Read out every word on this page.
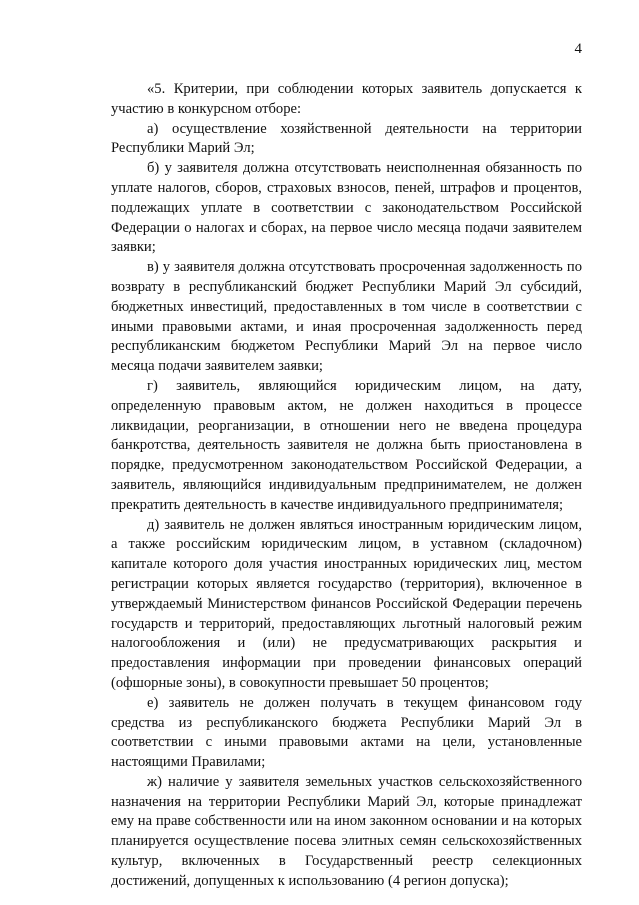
4

«5. Критерии, при соблюдении которых заявитель допускается к участию в конкурсном отборе:

а) осуществление хозяйственной деятельности на территории Республики Марий Эл;

б) у заявителя должна отсутствовать неисполненная обязанность по уплате налогов, сборов, страховых взносов, пеней, штрафов и процентов, подлежащих уплате в соответствии с законодательством Российской Федерации о налогах и сборах, на первое число месяца подачи заявителем заявки;

в) у заявителя должна отсутствовать просроченная задолженность по возврату в республиканский бюджет Республики Марий Эл субсидий, бюджетных инвестиций, предоставленных в том числе в соответствии с иными правовыми актами, и иная просроченная задолженность перед республиканским бюджетом Республики Марий Эл на первое число месяца подачи заявителем заявки;

г) заявитель, являющийся юридическим лицом, на дату, определенную правовым актом, не должен находиться в процессе ликвидации, реорганизации, в отношении него не введена процедура банкротства, деятельность заявителя не должна быть приостановлена в порядке, предусмотренном законодательством Российской Федерации, а заявитель, являющийся индивидуальным предпринимателем, не должен прекратить деятельность в качестве индивидуального предпринимателя;

д) заявитель не должен являться иностранным юридическим лицом, а также российским юридическим лицом, в уставном (складочном) капитале которого доля участия иностранных юридических лиц, местом регистрации которых является государство (территория), включенное в утверждаемый Министерством финансов Российской Федерации перечень государств и территорий, предоставляющих льготный налоговый режим налогообложения и (или) не предусматривающих раскрытия и предоставления информации при проведении финансовых операций (офшорные зоны), в совокупности превышает 50 процентов;

е) заявитель не должен получать в текущем финансовом году средства из республиканского бюджета Республики Марий Эл в соответствии с иными правовыми актами на цели, установленные настоящими Правилами;

ж) наличие у заявителя земельных участков сельскохозяйственного назначения на территории Республики Марий Эл, которые принадлежат ему на праве собственности или на ином законном основании и на которых планируется осуществление посева элитных семян сельскохозяйственных культур, включенных в Государственный реестр селекционных достижений, допущенных к использованию (4 регион допуска);
